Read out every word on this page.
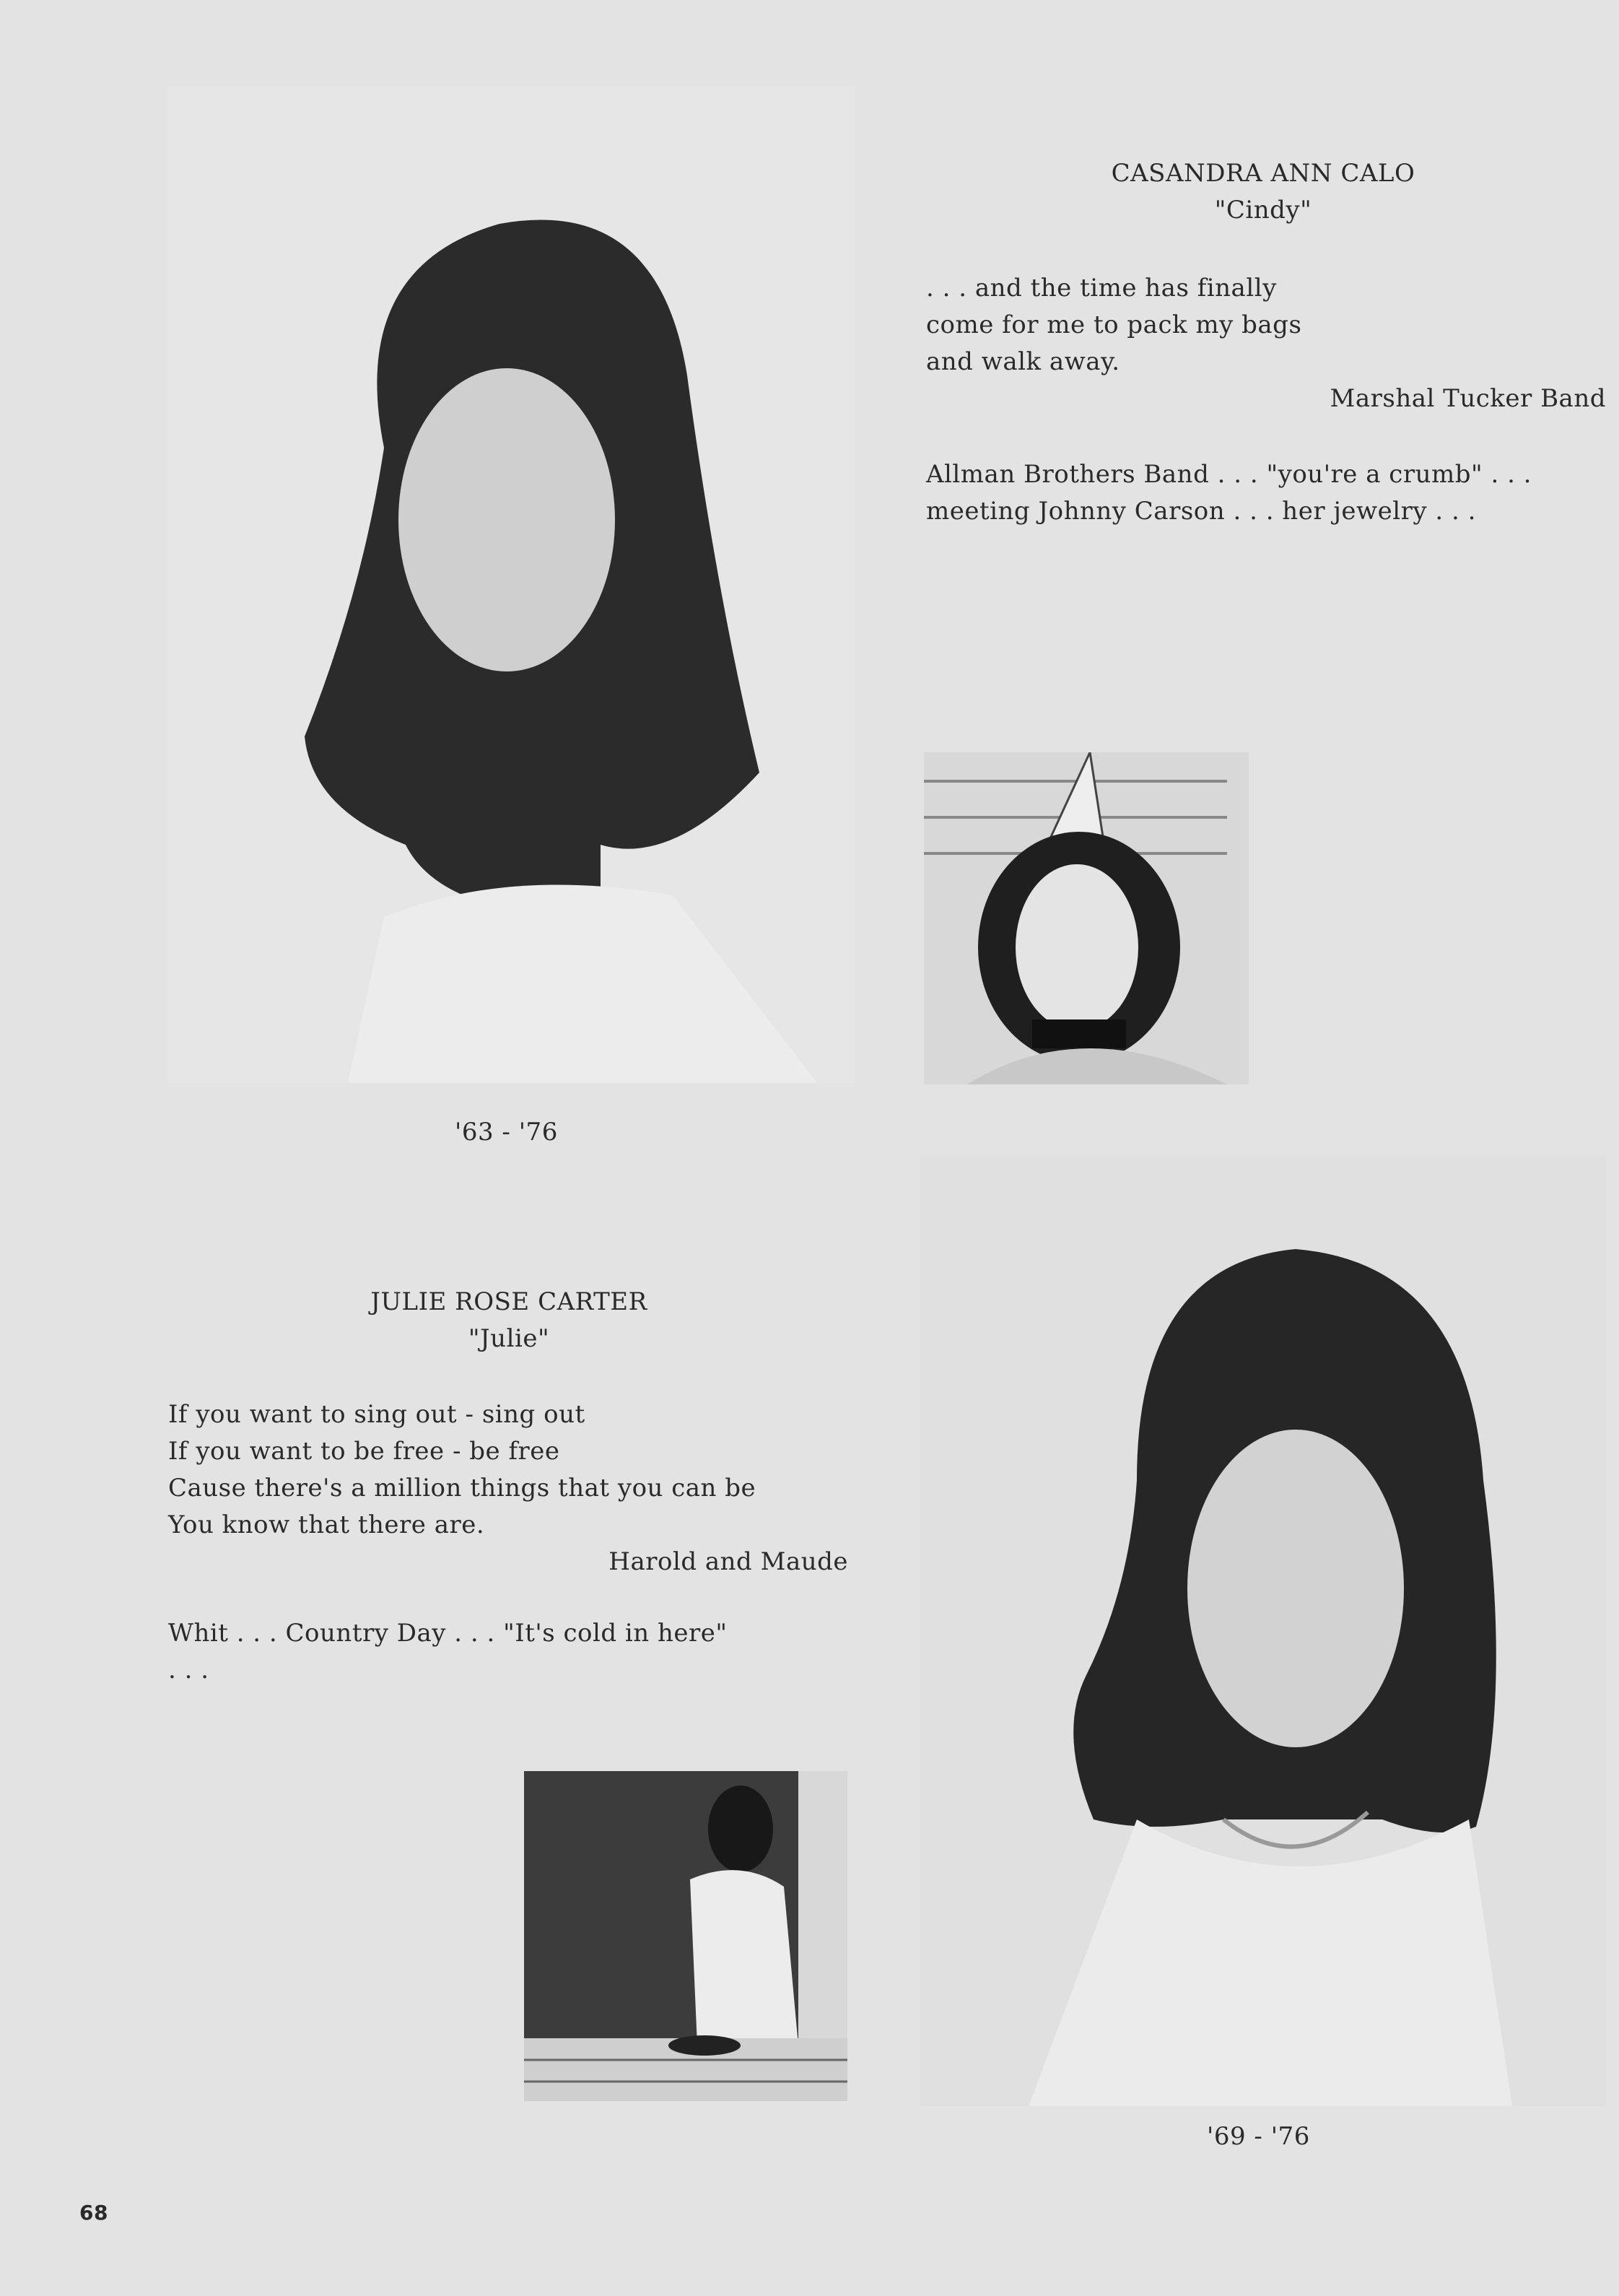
CASANDRA ANN CALO
"Cindy"
. . . and the time has finally
come for me to pack my bags
and walk away.
Marshal Tucker Band
Allman Brothers Band . . . "you're a crumb" . . .
meeting Johnny Carson . . . her jewelry . . .
'63 - '76
JULIE ROSE CARTER
"Julie"
If you want to sing out - sing out
If you want to be free - be free
Cause there's a million things that you can be
You know that there are.
Harold and Maude
Whit . . . Country Day . . . "It's cold in here"
. . .
'69 - '76
68
